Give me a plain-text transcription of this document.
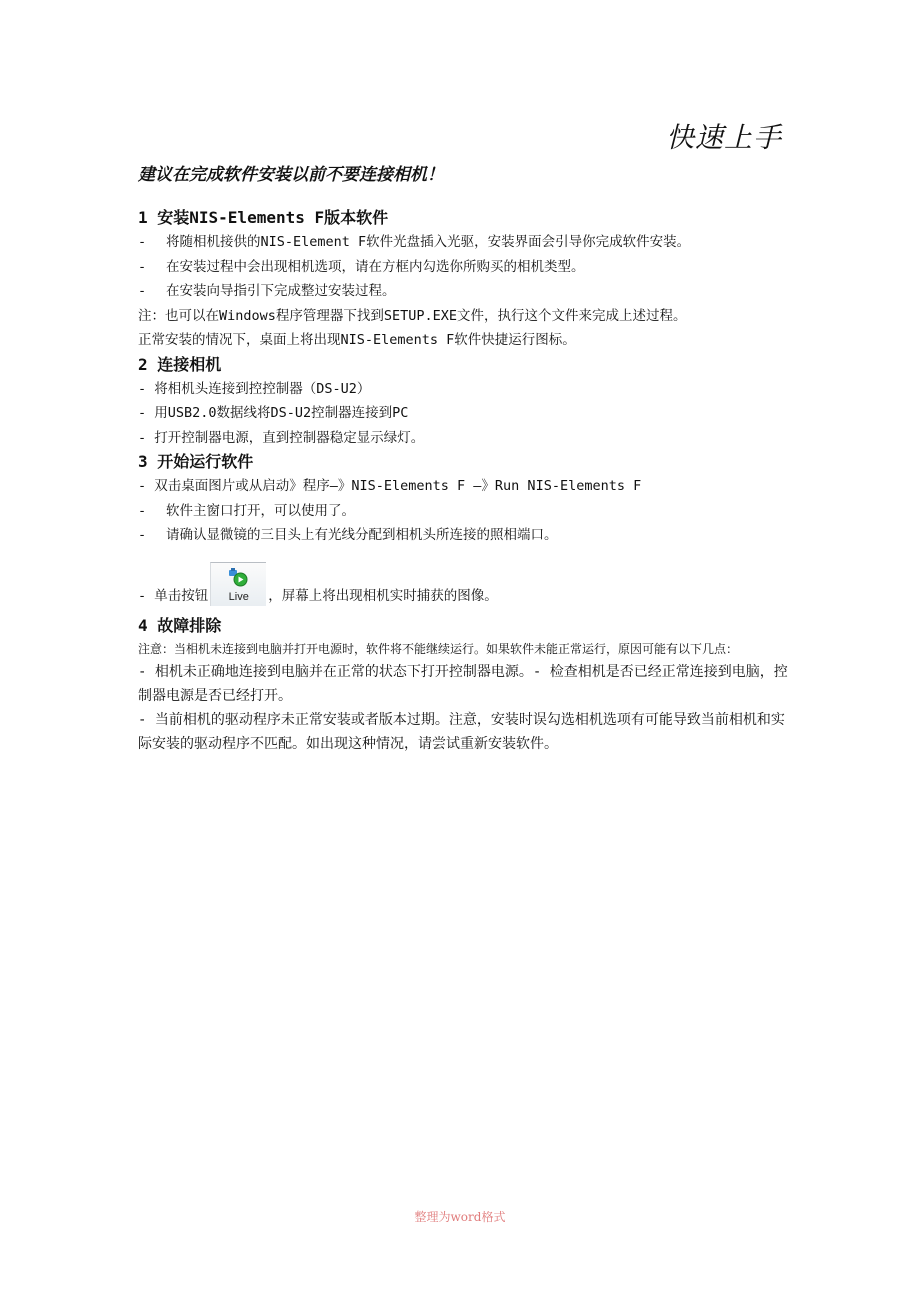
快速上手
建议在完成软件安装以前不要连接相机！
1 安装NIS-Elements F版本软件
-	将随相机接供的NIS-Element F软件光盘插入光驱，安装界面会引导你完成软件安装。
-	在安装过程中会出现相机选项，请在方框内勾选你所购买的相机类型。
-	在安装向导指引下完成整过安装过程。
注：也可以在Windows程序管理器下找到SETUP.EXE文件，执行这个文件来完成上述过程。
正常安装的情况下，桌面上将出现NIS-Elements F软件快捷运行图标。
2 连接相机
- 将相机头连接到控控制器（DS-U2）
- 用USB2.0数据线将DS-U2控制器连接到PC
- 打开控制器电源，直到控制器稳定显示绿灯。
3 开始运行软件
- 双击桌面图片或从启动》程序—》NIS-Elements F —》Run NIS-Elements F
-	软件主窗口打开，可以使用了。
-	请确认显微镜的三目头上有光线分配到相机头所连接的照相端口。
- 单击按钮	Live	，屏幕上将出现相机实时捕获的图像。
4 故障排除

注意：当相机未连接到电脑并打开电源时，软件将不能继续运行。如果软件未能正常运行，原因可能有以下几点：

- 相机未正确地连接到电脑并在正常的状态下打开控制器电源。- 检查相机是否已经正常连接到电脑，控制器电源是否已经打开。

- 当前相机的驱动程序未正常安装或者版本过期。注意，安装时误勾选相机选项有可能导致当前相机和实际安装的驱动程序不匹配。如出现这种情况，请尝试重新安装软件。

整理为word格式
